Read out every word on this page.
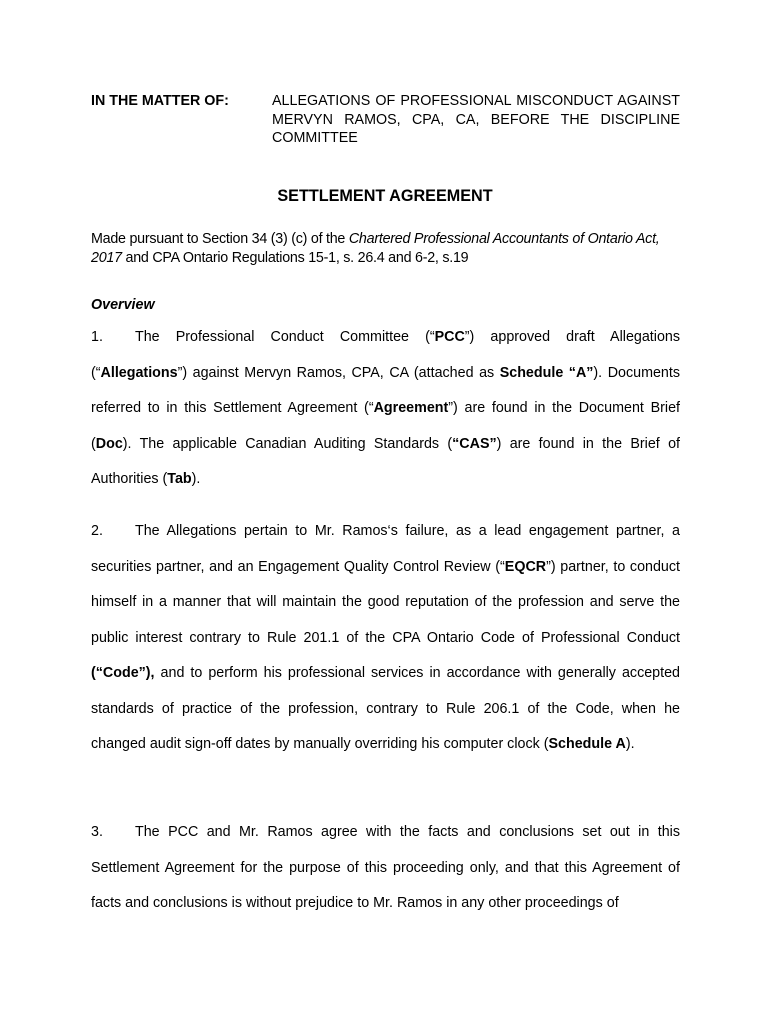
IN THE MATTER OF:	ALLEGATIONS OF PROFESSIONAL MISCONDUCT AGAINST MERVYN RAMOS, CPA, CA, BEFORE THE DISCIPLINE COMMITTEE
SETTLEMENT AGREEMENT
Made pursuant to Section 34 (3) (c) of the Chartered Professional Accountants of Ontario Act, 2017 and CPA Ontario Regulations 15-1, s. 26.4 and 6-2, s.19
Overview
1. The Professional Conduct Committee (“PCC”) approved draft Allegations (“Allegations”) against Mervyn Ramos, CPA, CA (attached as Schedule “A”). Documents referred to in this Settlement Agreement (“Agreement”) are found in the Document Brief (Doc). The applicable Canadian Auditing Standards (“CAS”) are found in the Brief of Authorities (Tab).
2. The Allegations pertain to Mr. Ramos‘s failure, as a lead engagement partner, a securities partner, and an Engagement Quality Control Review (“EQCR”) partner, to conduct himself in a manner that will maintain the good reputation of the profession and serve the public interest contrary to Rule 201.1 of the CPA Ontario Code of Professional Conduct (“Code”), and to perform his professional services in accordance with generally accepted standards of practice of the profession, contrary to Rule 206.1 of the Code, when he changed audit sign-off dates by manually overriding his computer clock (Schedule A).
3. The PCC and Mr. Ramos agree with the facts and conclusions set out in this Settlement Agreement for the purpose of this proceeding only, and that this Agreement of facts and conclusions is without prejudice to Mr. Ramos in any other proceedings of
